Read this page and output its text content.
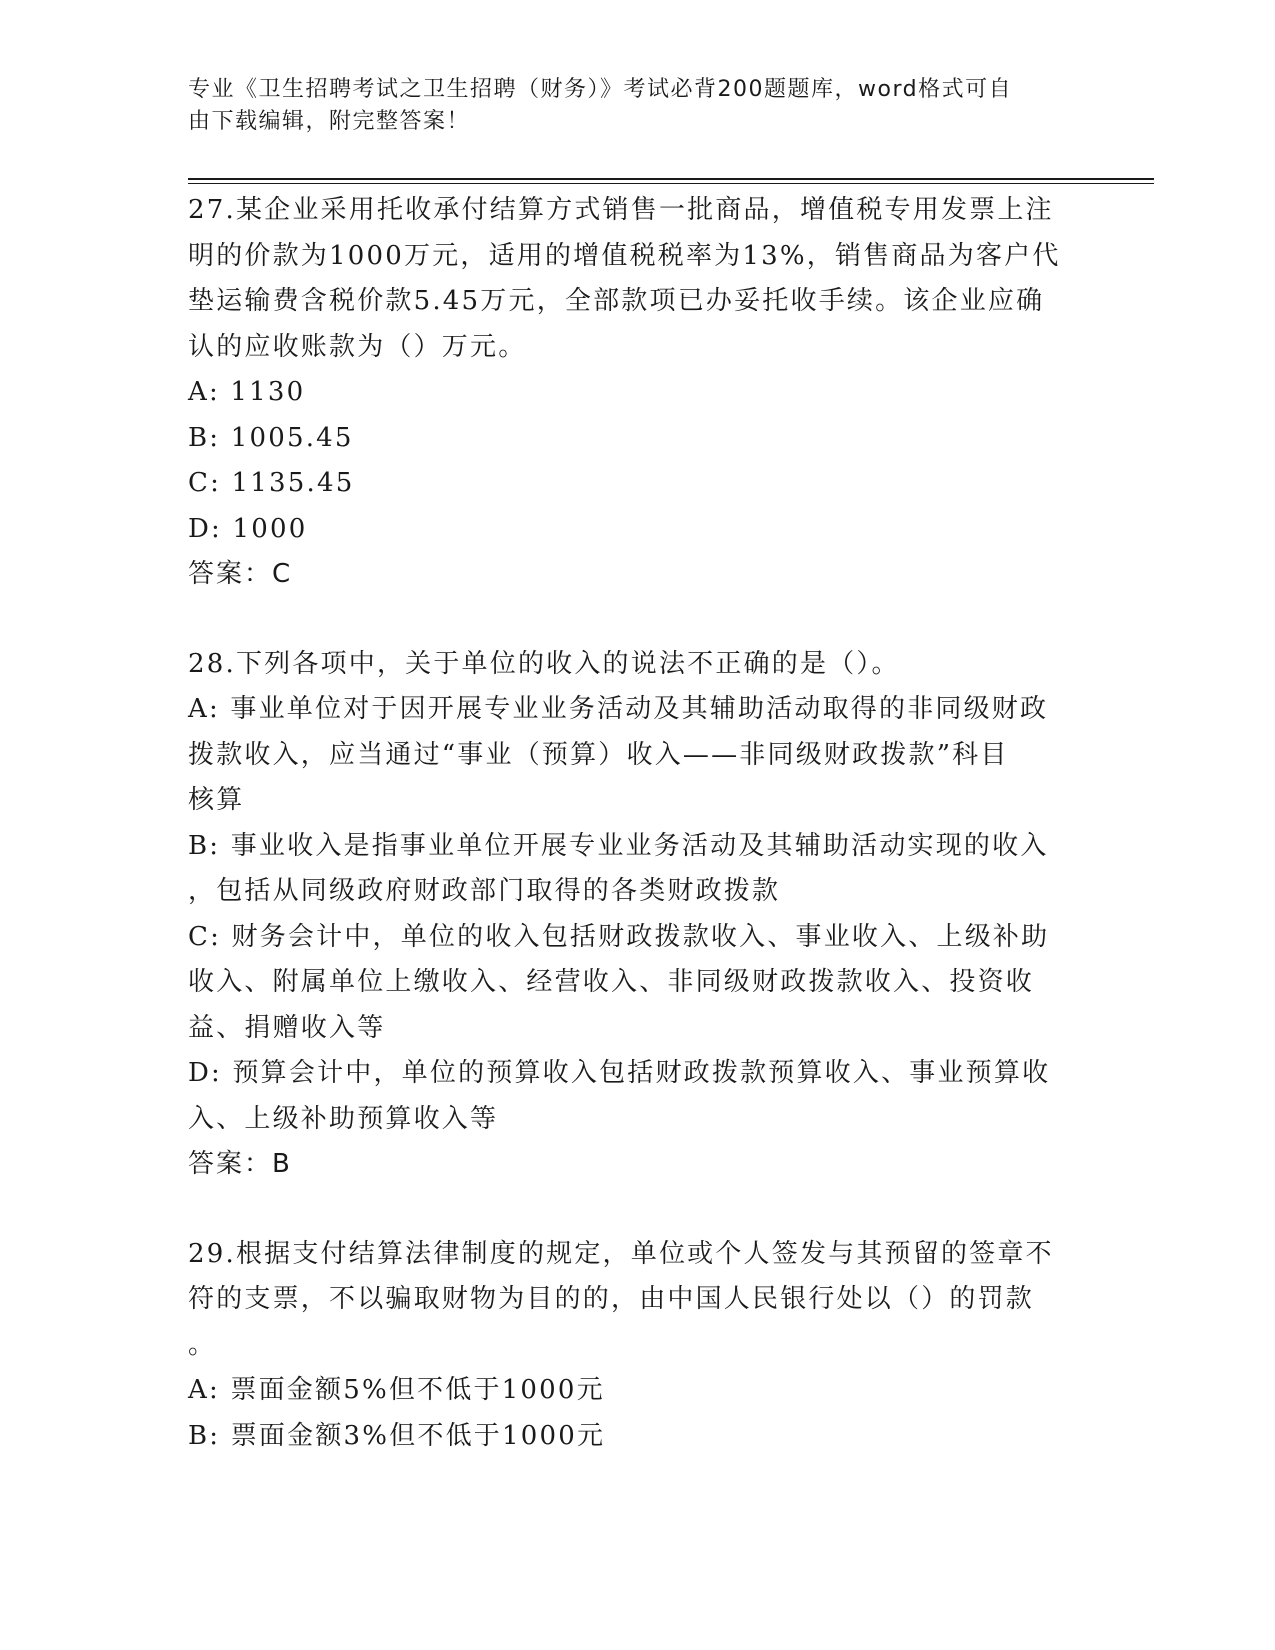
专业《卫生招聘考试之卫生招聘（财务）》考试必背200题题库，word格式可自
由下载编辑，附完整答案！
27.某企业采用托收承付结算方式销售一批商品，增值税专用发票上注
明的价款为1000万元，适用的增值税税率为13%，销售商品为客户代
垫运输费含税价款5.45万元，全部款项已办妥托收手续。该企业应确
认的应收账款为（）万元。
A: 1130
B: 1005.45
C: 1135.45
D: 1000
答案：C
28.下列各项中，关于单位的收入的说法不正确的是（）。
A: 事业单位对于因开展专业业务活动及其辅助活动取得的非同级财政
拨款收入，应当通过“事业（预算）收入——非同级财政拨款”科目
核算
B: 事业收入是指事业单位开展专业业务活动及其辅助活动实现的收入
，包括从同级政府财政部门取得的各类财政拨款
C: 财务会计中，单位的收入包括财政拨款收入、事业收入、上级补助
收入、附属单位上缴收入、经营收入、非同级财政拨款收入、投资收
益、捐赠收入等
D: 预算会计中，单位的预算收入包括财政拨款预算收入、事业预算收
入、上级补助预算收入等
答案：B
29.根据支付结算法律制度的规定，单位或个人签发与其预留的签章不
符的支票，不以骗取财物为目的的，由中国人民银行处以（）的罚款
。
A: 票面金额5%但不低于1000元
B: 票面金额3%但不低于1000元
